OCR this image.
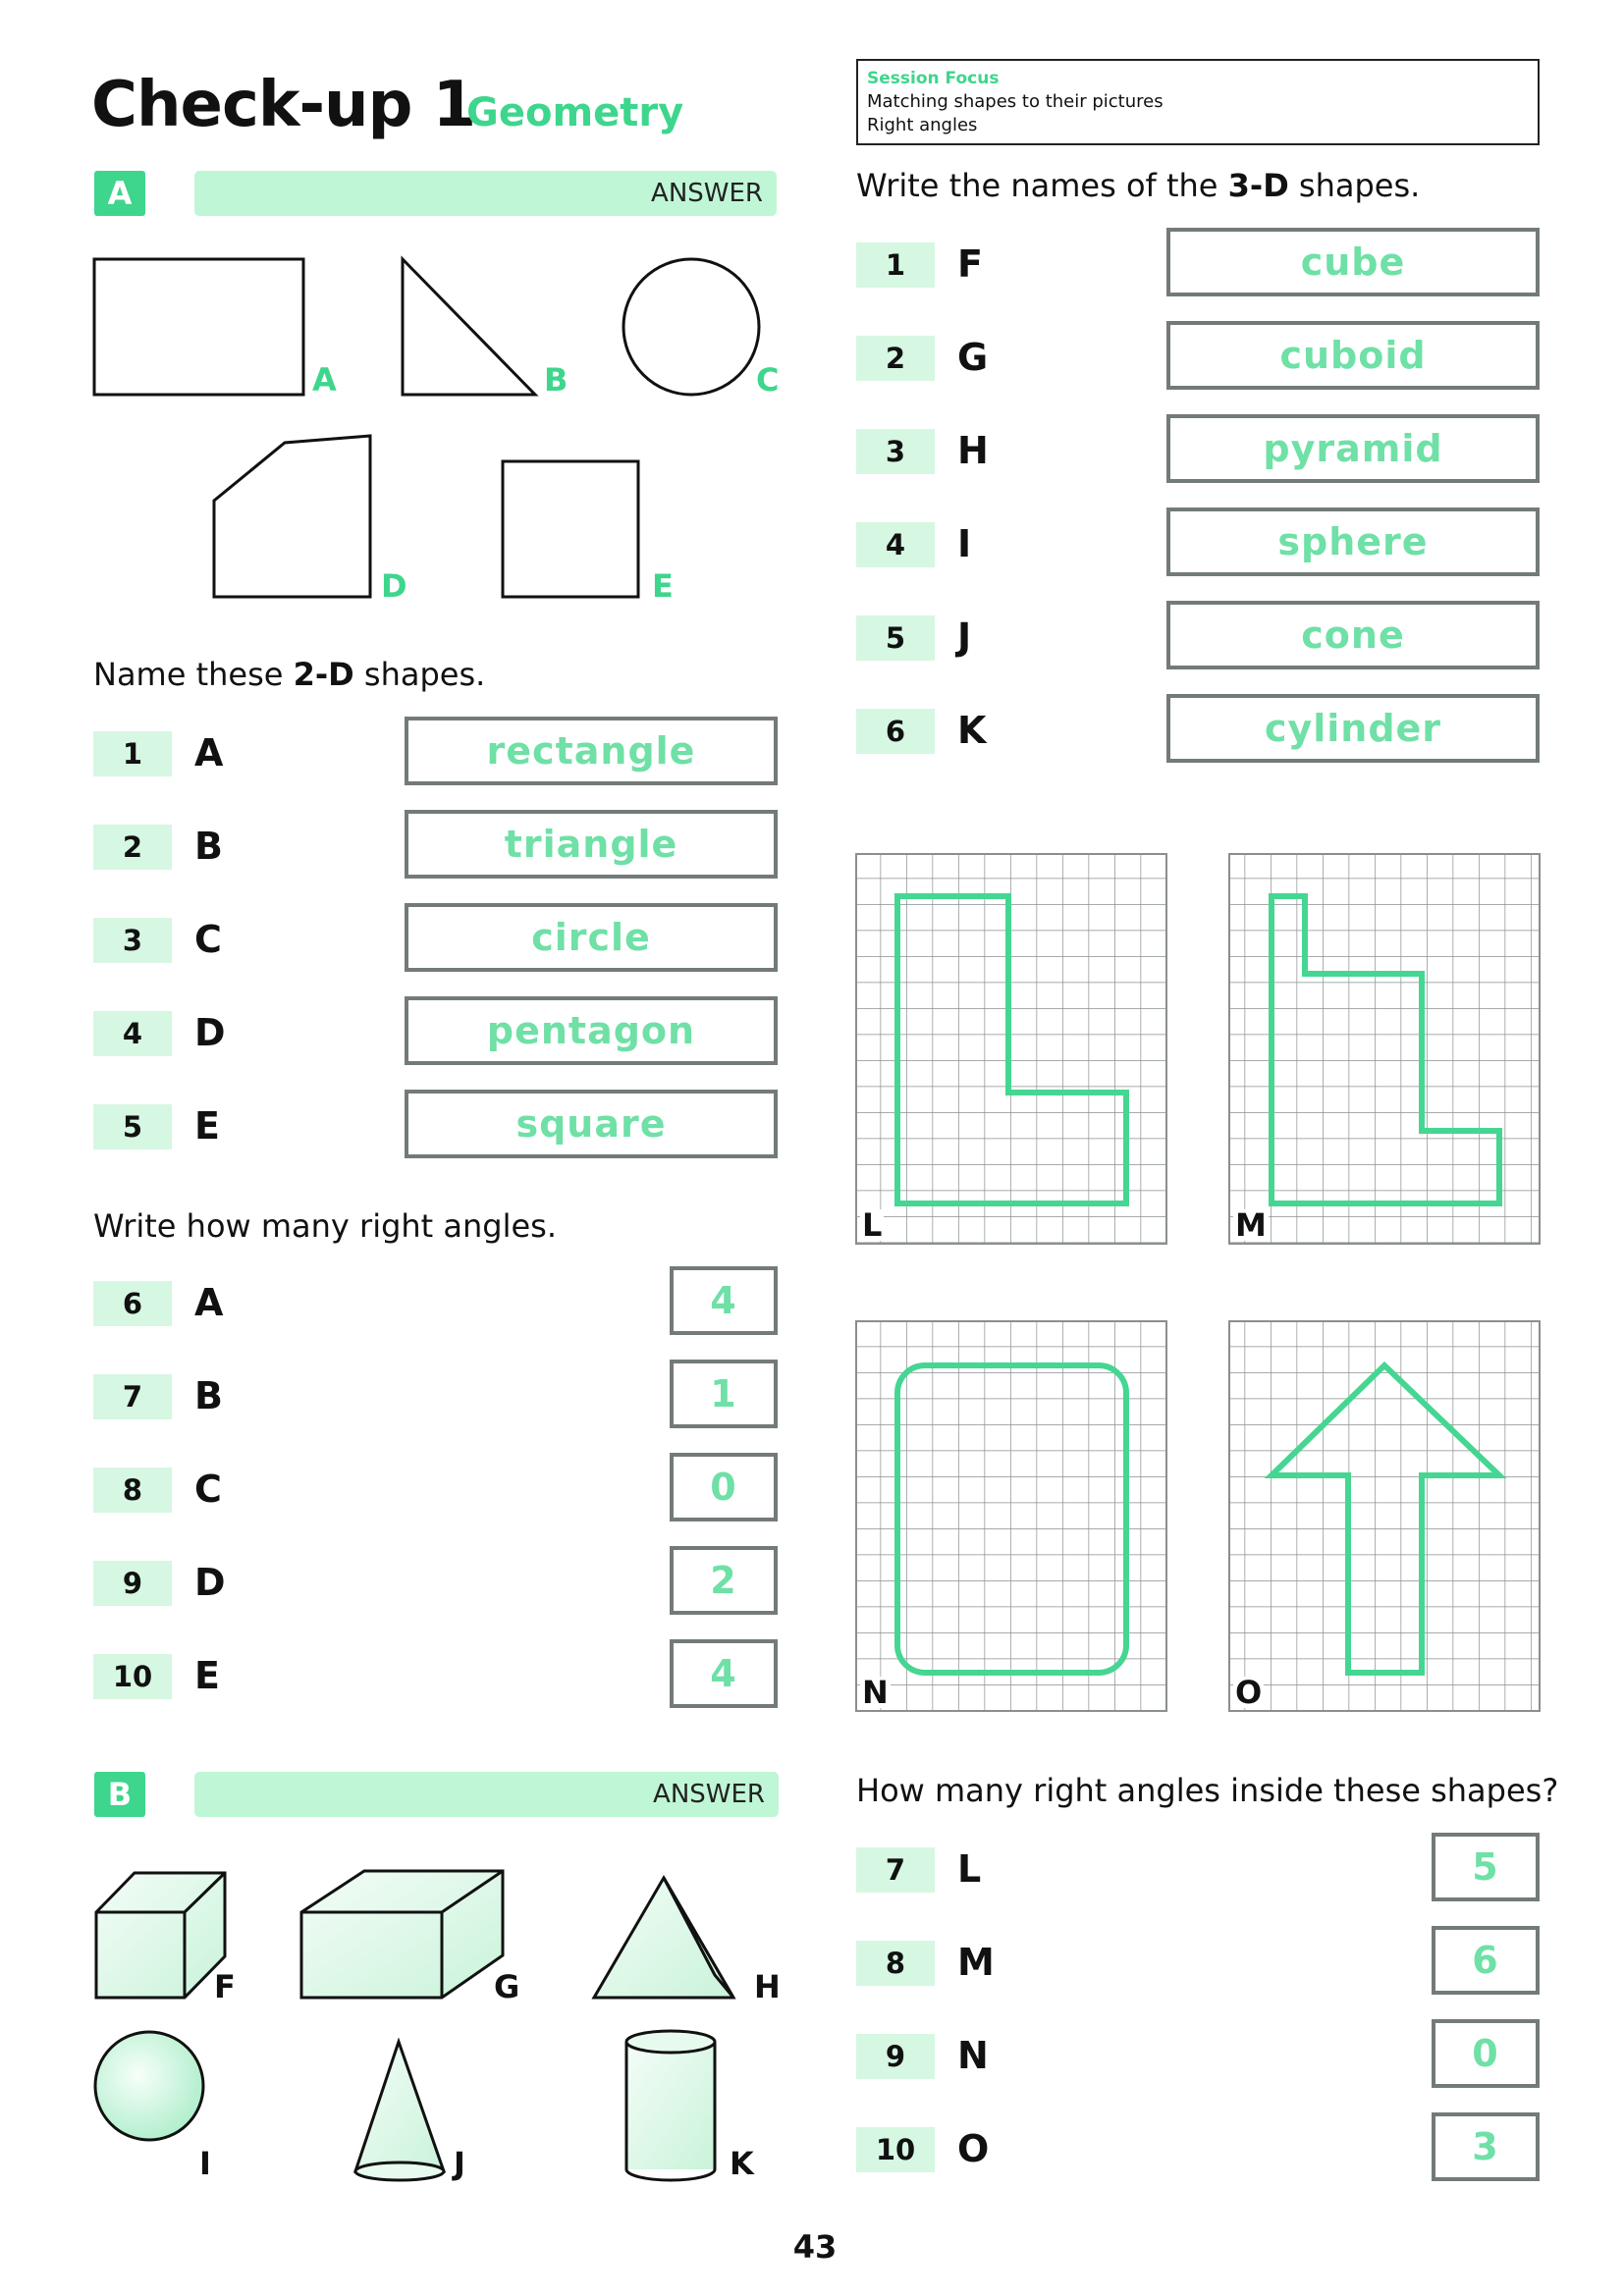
Check-up 1
Geometry
Session Focus
Matching shapes to their pictures
Right angles
A	ANSWER
A	B	C
D	E
Name these 2-D shapes.
1	A	rectangle
2	B	triangle
3	C	circle
4	D	pentagon
5	E	square
Write how many right angles.
6	A	4
7	B	1
8	C	0
9	D	2
10	E	4
B	ANSWER
F	G	H
I	J	K
Write the names of the 3-D shapes.
1	F	cube
2	G	cuboid
3	H	pyramid
4	I	sphere
5	J	cone
6	K	cylinder
L	M
N	O
How many right angles inside these shapes?
7	L	5
8	M	6
9	N	0
10	O	3
43
